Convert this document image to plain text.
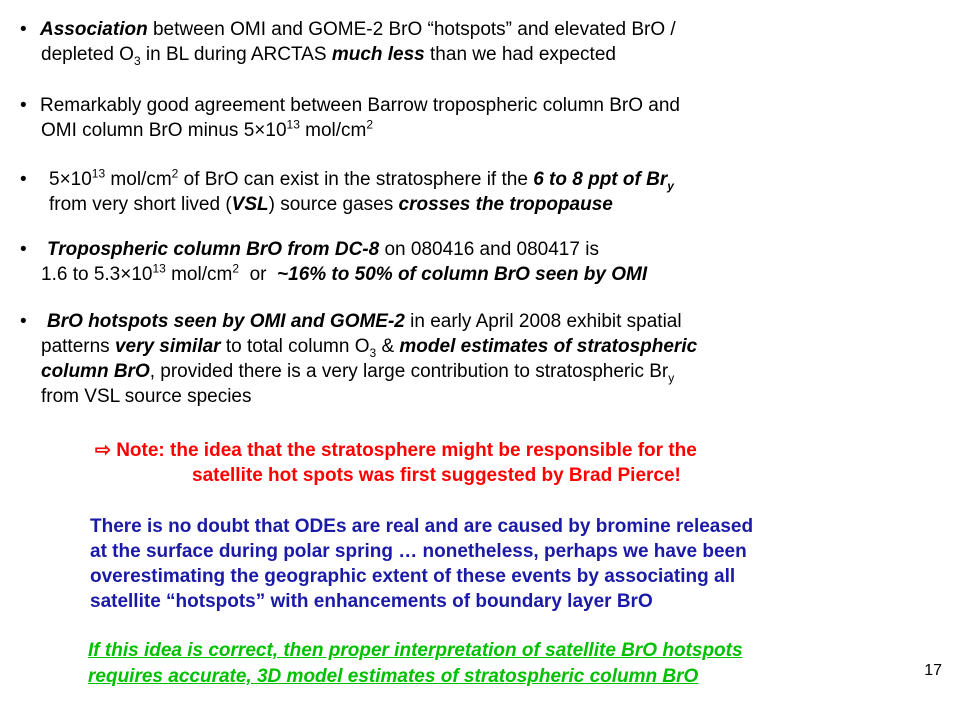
• Association between OMI and GOME-2 BrO “hotspots” and elevated BrO /
depleted $O_3$ in BL during ARCTAS much less than we had expected
• Remarkably good agreement between Barrow tropospheric column BrO and
OMI column BrO minus $5\times 10^{13}$ mol/$cm^2$
• $5\times 10^{13}$ mol/$cm^2$ of BrO can exist in the stratosphere if the 6 to 8 ppt of $Br_y$
from very short lived (VSL) source gases crosses the tropopause
• Tropospheric column BrO from DC-8 on 080416 and 080417 is
1.6 to $5.3\times 10^{13}$ mol/$cm^2$  or  ~16% to 50% of column BrO seen by OMI
• BrO hotspots seen by OMI and GOME-2 in early April 2008 exhibit spatial
patterns very similar to total column $O_3$ & model estimates of stratospheric
column BrO, provided there is a very large contribution to stratospheric $Br_y$
from VSL source species
⇨ Note: the idea that the stratosphere might be responsible for the
satellite hot spots was first suggested by Brad Pierce!
There is no doubt that ODEs are real and are caused by bromine released
at the surface during polar spring … nonetheless, perhaps we have been
overestimating the geographic extent of these events by associating all
satellite “hotspots” with enhancements of boundary layer BrO
If this idea is correct, then proper interpretation of satellite BrO hotspots
requires accurate, 3D model estimates of stratospheric column BrO	17
